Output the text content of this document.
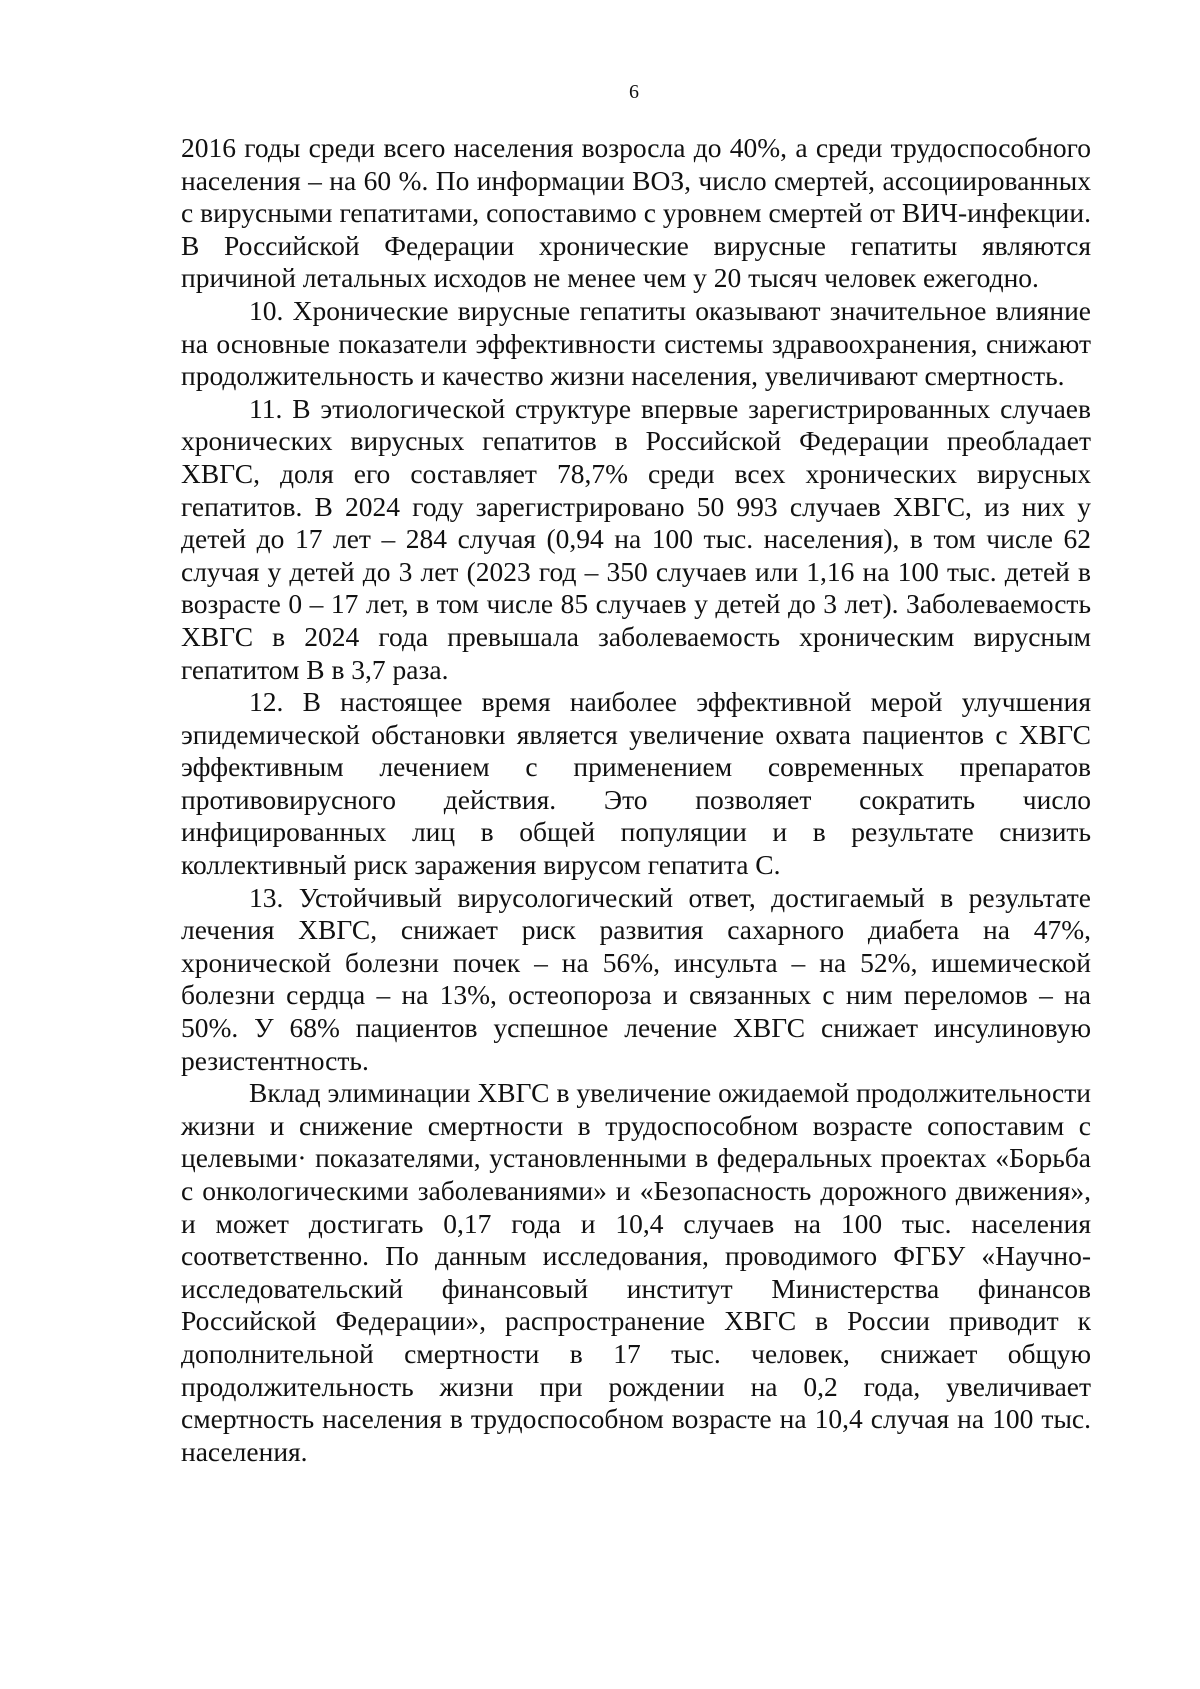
6

2016 годы среди всего населения возросла до 40%, а среди трудоспособного населения – на 60 %. По информации ВОЗ, число смертей, ассоциированных с вирусными гепатитами, сопоставимо с уровнем смертей от ВИЧ-инфекции. В Российской Федерации хронические вирусные гепатиты являются причиной летальных исходов не менее чем у 20 тысяч человек ежегодно.

10. Хронические вирусные гепатиты оказывают значительное влияние на основные показатели эффективности системы здравоохранения, снижают продолжительность и качество жизни населения, увеличивают смертность.

11. В этиологической структуре впервые зарегистрированных случаев хронических вирусных гепатитов в Российской Федерации преобладает ХВГС, доля его составляет 78,7% среди всех хронических вирусных гепатитов. В 2024 году зарегистрировано 50 993 случаев ХВГС, из них у детей до 17 лет – 284 случая (0,94 на 100 тыс. населения), в том числе 62 случая у детей до 3 лет (2023 год – 350 случаев или 1,16 на 100 тыс. детей в возрасте 0 – 17 лет, в том числе 85 случаев у детей до 3 лет). Заболеваемость ХВГС в 2024 года превышала заболеваемость хроническим вирусным гепатитом В в 3,7 раза.

12. В настоящее время наиболее эффективной мерой улучшения эпидемической обстановки является увеличение охвата пациентов с ХВГС эффективным лечением с применением современных препаратов противовирусного действия. Это позволяет сократить число инфицированных лиц в общей популяции и в результате снизить коллективный риск заражения вирусом гепатита С.

13. Устойчивый вирусологический ответ, достигаемый в результате лечения ХВГС, снижает риск развития сахарного диабета на 47%, хронической болезни почек – на 56%, инсульта – на 52%, ишемической болезни сердца – на 13%, остеопороза и связанных с ним переломов – на 50%. У 68% пациентов успешное лечение ХВГС снижает инсулиновую резистентность.

Вклад элиминации ХВГС в увеличение ожидаемой продолжительности жизни и снижение смертности в трудоспособном возрасте сопоставим с целевыми· показателями, установленными в федеральных проектах «Борьба с онкологическими заболеваниями» и «Безопасность дорожного движения», и может достигать 0,17 года и 10,4 случаев на 100 тыс. населения соответственно. По данным исследования, проводимого ФГБУ «Научно-исследовательский финансовый институт Министерства финансов Российской Федерации», распространение ХВГС в России приводит к дополнительной смертности в 17 тыс. человек, снижает общую продолжительность жизни при рождении на 0,2 года, увеличивает смертность населения в трудоспособном возрасте на 10,4 случая на 100 тыс. населения.
